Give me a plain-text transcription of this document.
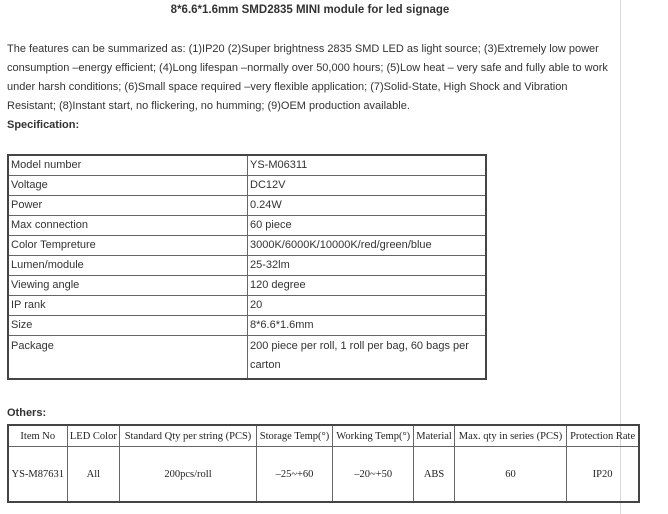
8*6.6*1.6mm SMD2835 MINI module for led signage
The features can be summarized as: (1)IP20 (2)Super brightness 2835 SMD LED as light source; (3)Extremely low power consumption –energy efficient; (4)Long lifespan –normally over 50,000 hours; (5)Low heat – very safe and fully able to work under harsh conditions; (6)Small space required –very flexible application; (7)Solid-State, High Shock and Vibration Resistant; (8)Instant start, no flickering, no humming; (9)OEM production available.
Specification:
Model number	YS-M06311
Voltage	DC12V
Power	0.24W
Max connection	60 piece
Color Tempreture	3000K/6000K/10000K/red/green/blue
Lumen/module	25-32lm
Viewing angle	120 degree
IP rank	20
Size	8*6.6*1.6mm
Package	200 piece per roll, 1 roll per bag, 60 bags per carton
Others:
Item No	LED Color	Standard Qty per string (PCS)	Storage Temp(°)	Working Temp(°)	Material	Max. qty in series (PCS)	Protection Rate
YS-M87631	All	200pcs/roll	–25~+60	–20~+50	ABS	60	IP20
